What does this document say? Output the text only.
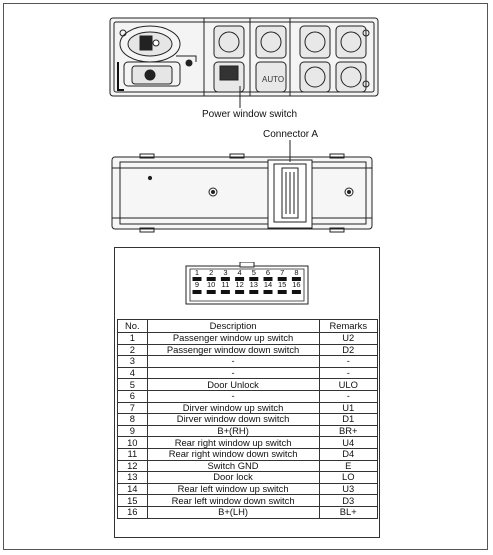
AUTO
Power window switch
Connector A
1 2 3 4 5 6 7 8
9 10 11 12 13 14 15 16
No.	Description	Remarks
1	Passenger window up switch	U2
2	Passenger window down switch	D2
3	-	-
4	-	-
5	Door Unlock	ULO
6	-	-
7	Dirver window up switch	U1
8	Dirver window down switch	D1
9	B+(RH)	BR+
10	Rear right window up switch	U4
11	Rear right window down switch	D4
12	Switch GND	E
13	Door lock	LO
14	Rear left window up switch	U3
15	Rear left window down switch	D3
16	B+(LH)	BL+
